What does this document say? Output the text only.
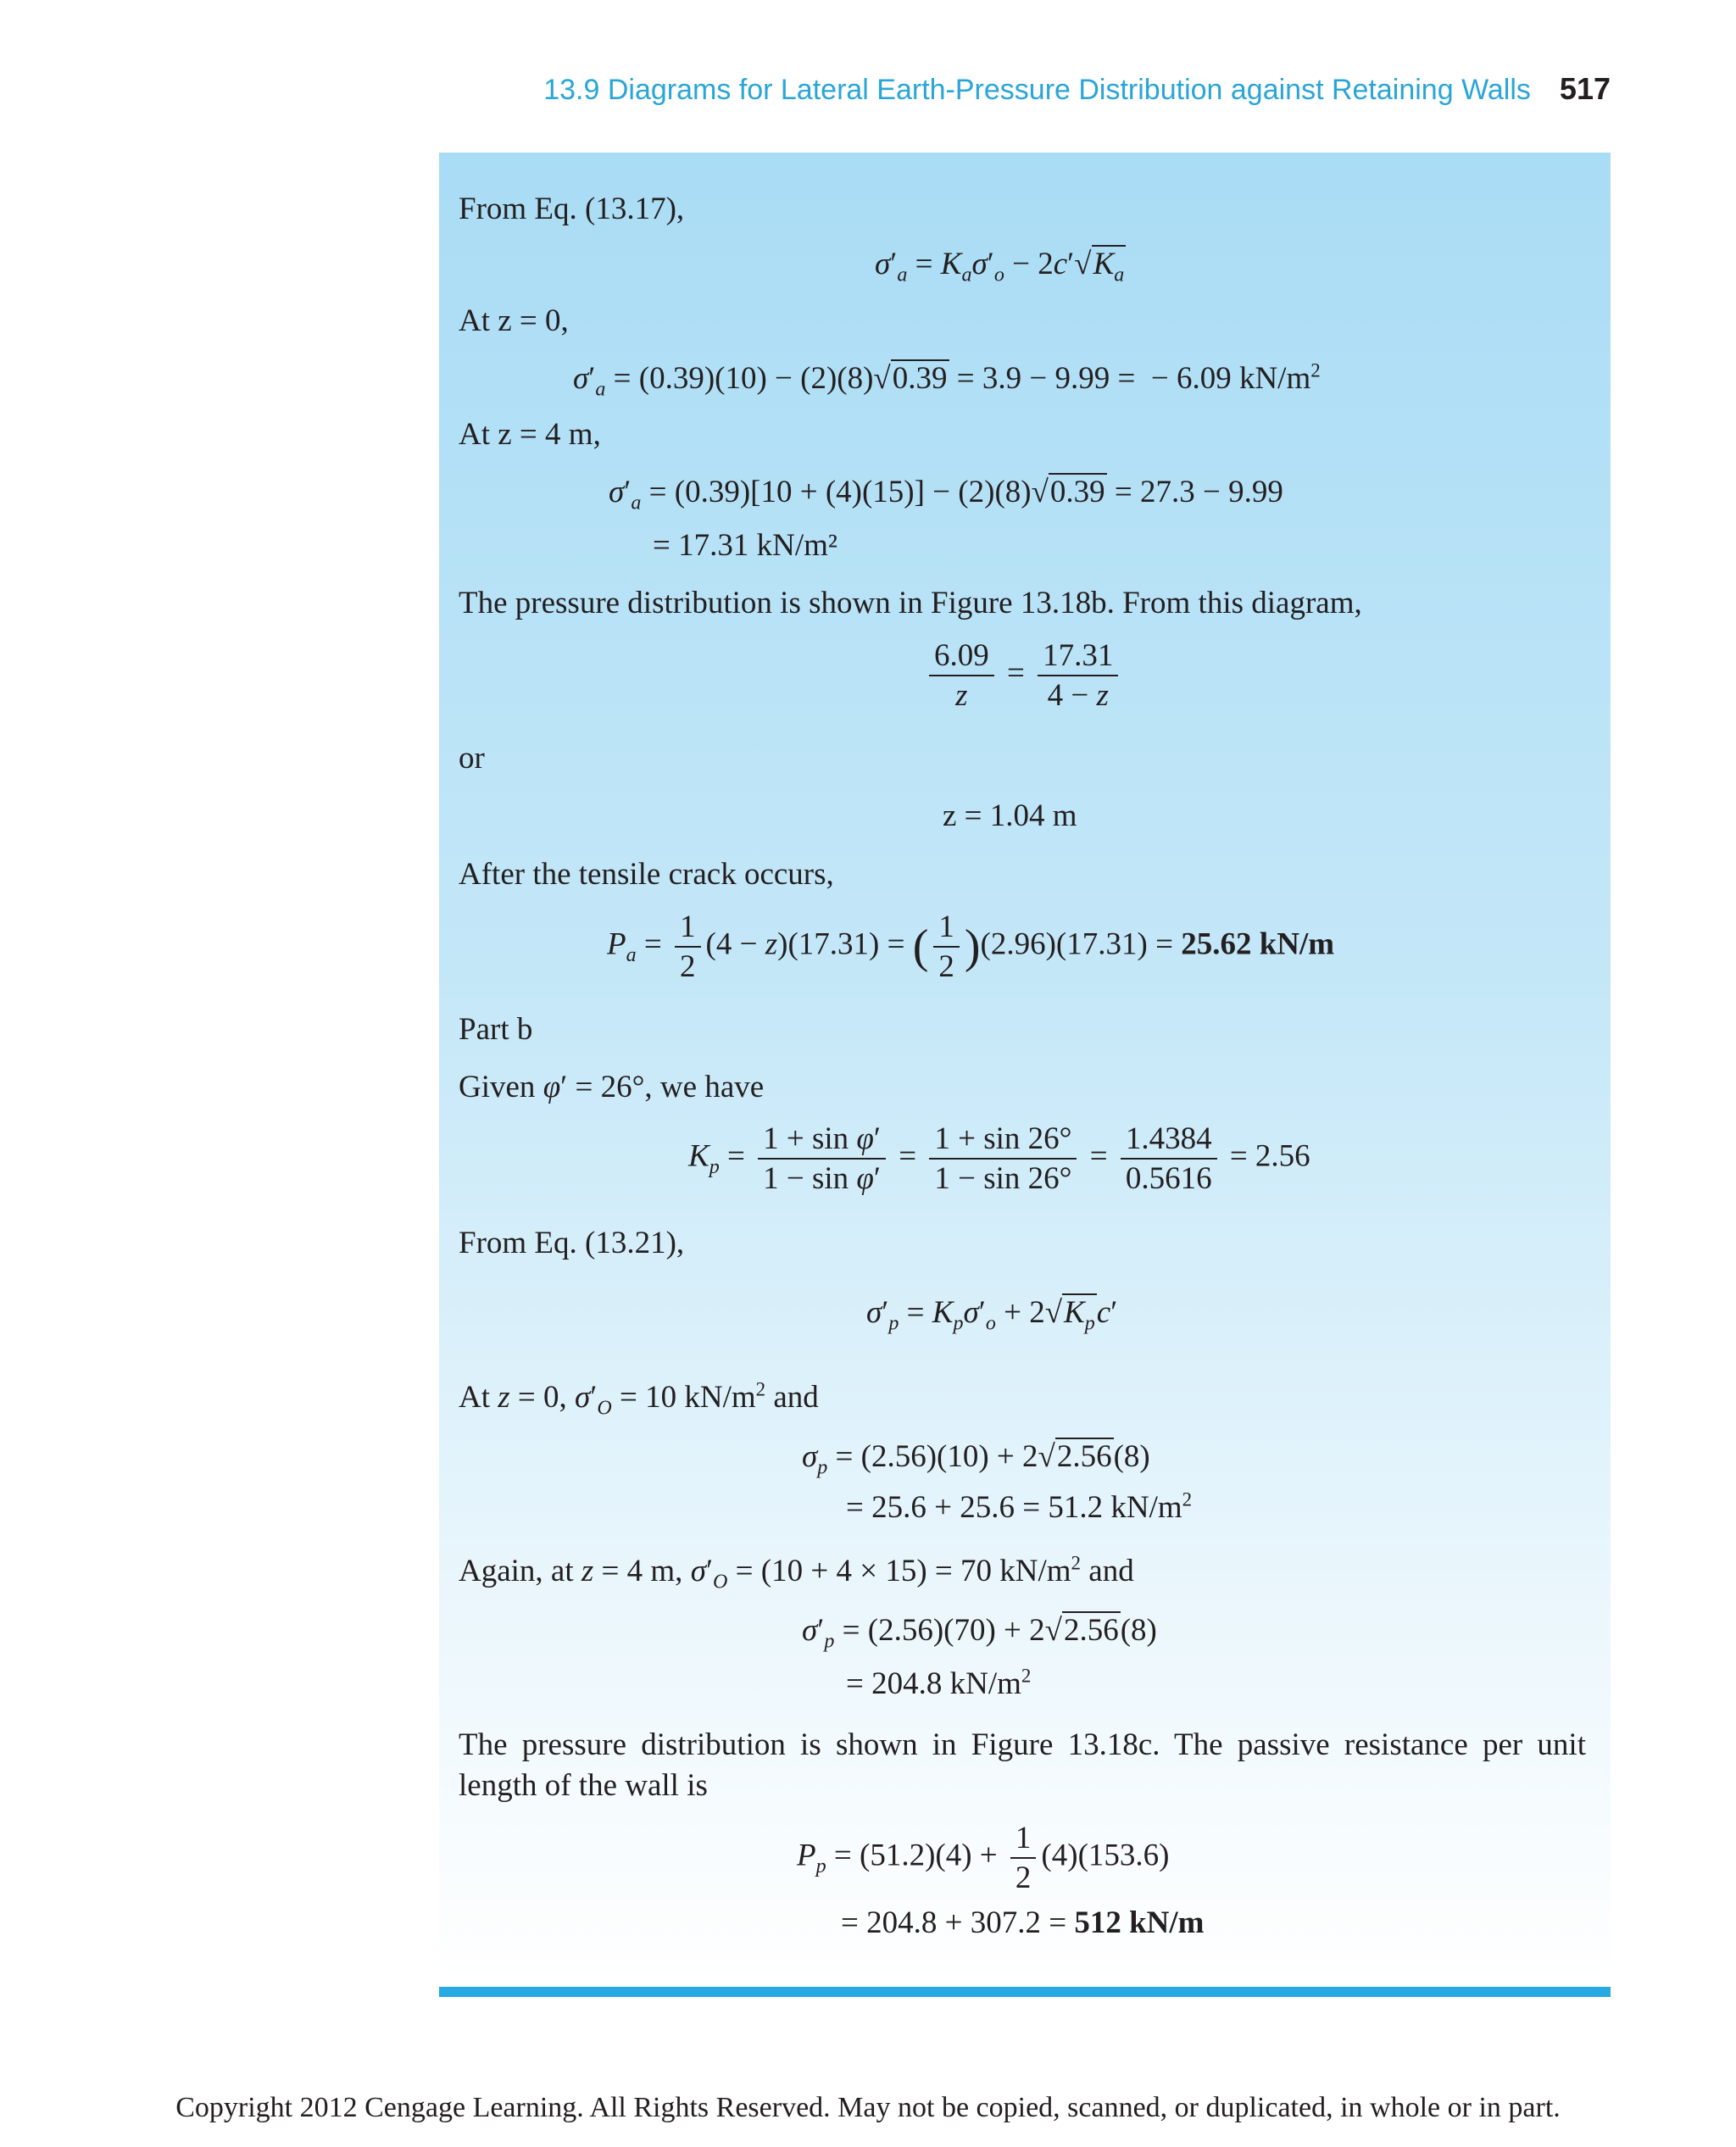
13.9 Diagrams for Lateral Earth-Pressure Distribution against Retaining Walls 517
From Eq. (13.17),
$\sigma'_a = K_a\sigma'_o - 2c'√K_a$
At z = 0,
$\sigma'_a = (0.39)(10) - (2)(8)√0.39 = 3.9 - 9.99$ =  − 6.09 $kN/m^2$
At z = 4 m,
$\sigma'_a = (0.39)[10 + (4)(15)] - (2)(8)√0.39 = 27.3 - 9.99$
= 17.31 kN/m²
The pressure distribution is shown in Figure 13.18b. From this diagram,
$\frac{6.09}{z} = \frac{17.31}{4 - z}$
or
z = 1.04 m
After the tensile crack occurs,
$P_a = \frac{1}{2} (4 - z)(17.31)$ = ( $\frac{1}{2} )(2.96)(17.31) = 25.62$ kN/m
Part b
Given φ′ = 26°, we have
$K_p = \frac{\text{1 + sin φ′}}{\text{1 − sin φ′}} = \frac{1 + \sin 26^\circ}{1 - \sin 26^\circ} = \frac{1.4384}{0.5616} = 2.56$
From Eq. (13.21),
$\sigma'_p = K_p\sigma'_o + 2√K_pc'$
At z = 0, $\sigma'_O = 10$ $kN/m^2$ and
$\sigma_p = (2.56)(10) + 2√2.56(8)$
= 25.6 + 25.6 = 51.2 $kN/m^2$
Again, at z = 4 m, $\sigma'_O = (10 + 4 \times 15) = 70$ $kN/m^2$ and
$\sigma'_p = (2.56)(70) + 2√2.56(8)$
= 204.8 $kN/m^2$
The pressure distribution is shown in Figure 13.18c. The passive resistance per unit length of the wall is
$P_p = (51.2)(4) + \frac{1}{2} (4)(153.6)$
= 204.8 + 307.2 = 512 kN/m
Copyright 2012 Cengage Learning. All Rights Reserved. May not be copied, scanned, or duplicated, in whole or in part.
